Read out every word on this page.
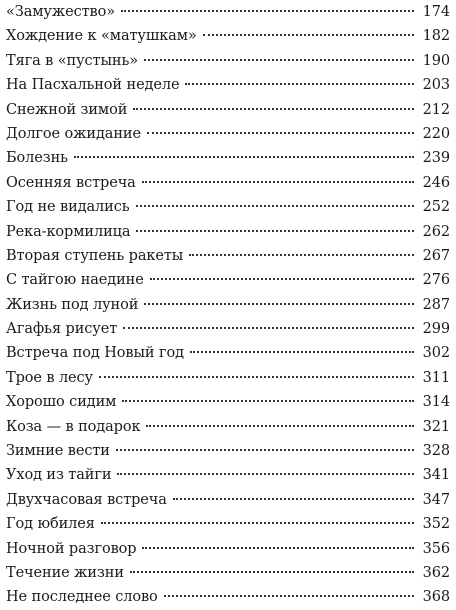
«Замужество»	174
Хождение к «матушкам»	182
Тяга в «пустынь»	190
На Пасхальной неделе	203
Снежной зимой	212
Долгое ожидание	220
Болезнь	239
Осенняя встреча	246
Год не видались	252
Река-кормилица	262
Вторая ступень ракеты	267
С тайгою наедине	276
Жизнь под луной	287
Агафья рисует	299
Встреча под Новый год	302
Трое в лесу	311
Хорошо сидим	314
Коза — в подарок	321
Зимние вести	328
Уход из тайги	341
Двухчасовая встреча	347
Год юбилея	352
Ночной разговор	356
Течение жизни	362
Не последнее слово	368
